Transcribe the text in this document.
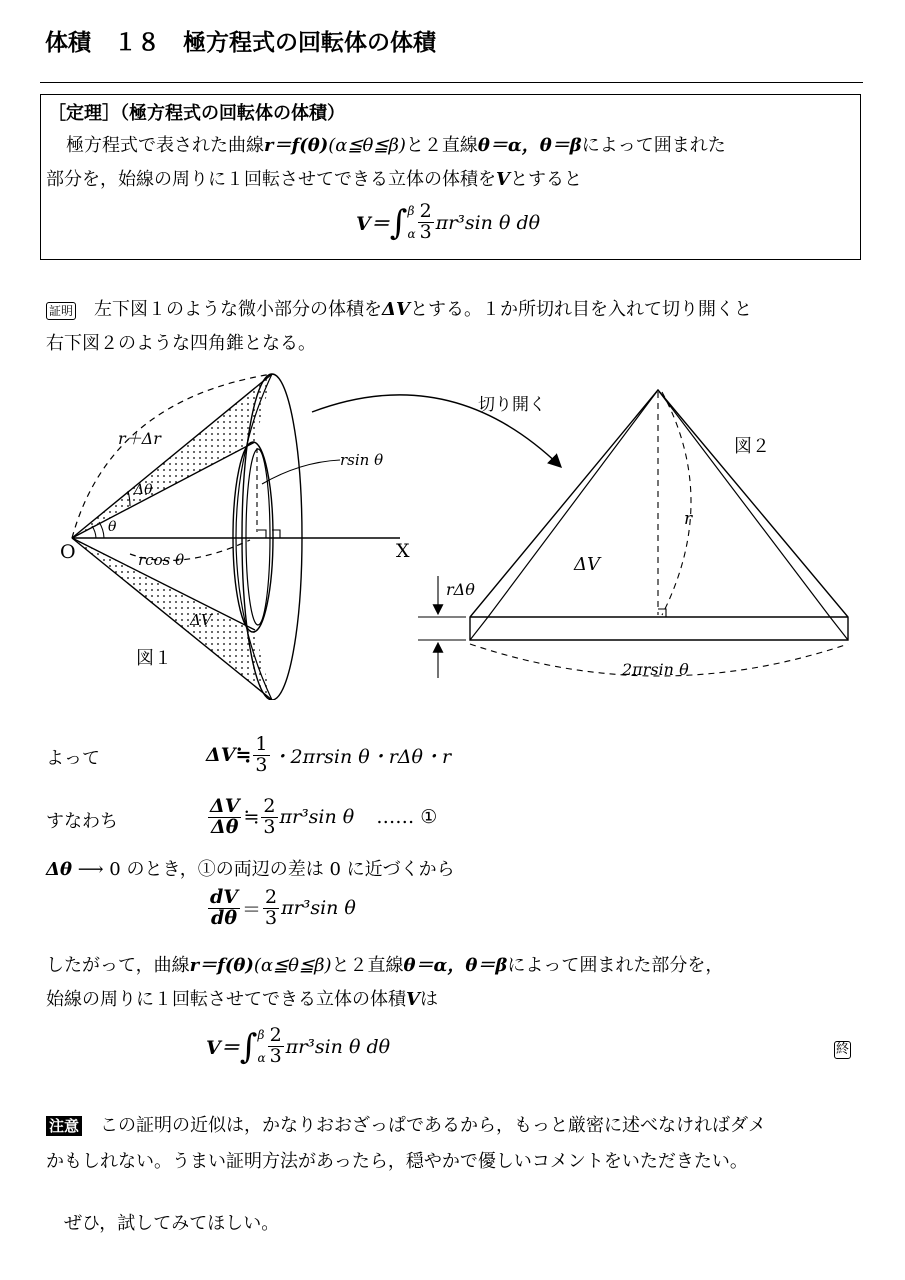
体積　１８　極方程式の回転体の体積
［定理］（極方程式の回転体の体積）
極方程式で表された曲線r＝f(θ)(α≦θ≦β)と２直線θ＝α，θ＝βによって囲まれた
部分を，始線の周りに１回転させてできる立体の体積をVとすると
V＝ ∫ β
α $\frac{2}{3} \pi r^3\sin$ θ dθ
証明　 左下図１のような微小部分の体積をΔVとする。１か所切れ目を入れて切り開くと
右下図２のような四角錐となる。
O	X
r＋Δr
Δθ
θ
rsin θ
rcos θ
ΔV
図１
切り開く
図２
r
ΔV
rΔθ
2πrsin θ
よって	ΔV≒ $\frac{1}{3}$ ・2πrsin θ・rΔθ・r
すなわち	$\frac{\Delta V}{\Delta\theta}$ ≒ $\frac{2}{3} \pi r^3\sin$ θ …… ①
Δθ ⟶ 0 のとき，①の両辺の差は 0 に近づくから
$\frac{dV}{d\theta} = \frac{2}{3} \pi r^3\sin$ θ
したがって，曲線r＝f(θ)(α≦θ≦β)と２直線θ＝α，θ＝βによって囲まれた部分を，
始線の周りに１回転させてできる立体の体積Vは
V＝ ∫ β
α $\frac{2}{3} \pi r^3\sin$ θ dθ	終
注意　 この証明の近似は，かなりおおざっぱであるから，もっと厳密に述べなければダメ
かもしれない。うまい証明方法があったら，穏やかで優しいコメントをいただきたい。
ぜひ，試してみてほしい。
